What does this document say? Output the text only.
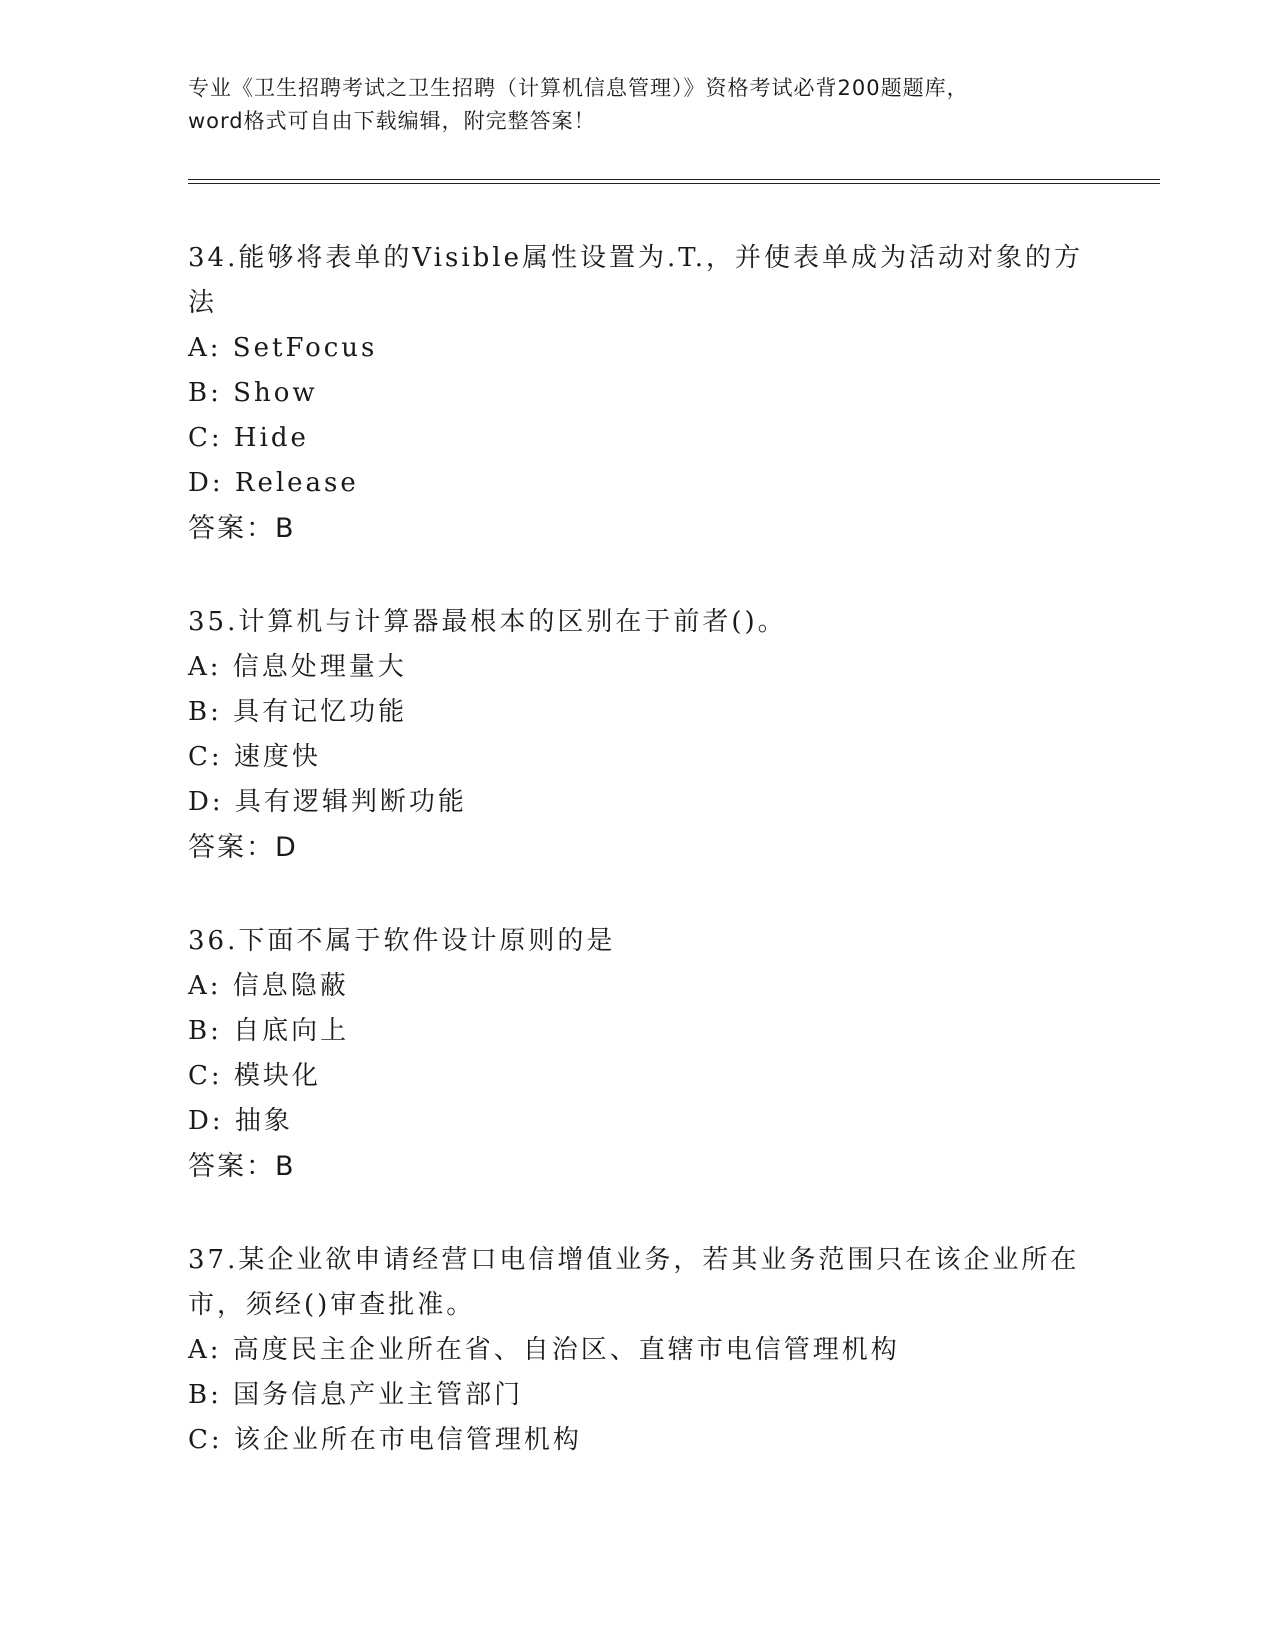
专业《卫生招聘考试之卫生招聘（计算机信息管理）》资格考试必背200题题库，
word格式可自由下载编辑，附完整答案！
34.能够将表单的Visible属性设置为.T.，并使表单成为活动对象的方法
A: SetFocus
B: Show
C: Hide
D: Release
答案：B
35.计算机与计算器最根本的区别在于前者()。
A: 信息处理量大
B: 具有记忆功能
C: 速度快
D: 具有逻辑判断功能
答案：D
36.下面不属于软件设计原则的是
A: 信息隐蔽
B: 自底向上
C: 模块化
D: 抽象
答案：B
37.某企业欲申请经营口电信增值业务，若其业务范围只在该企业所在市，须经()审查批准。
A: 高度民主企业所在省、自治区、直辖市电信管理机构
B: 国务信息产业主管部门
C: 该企业所在市电信管理机构
